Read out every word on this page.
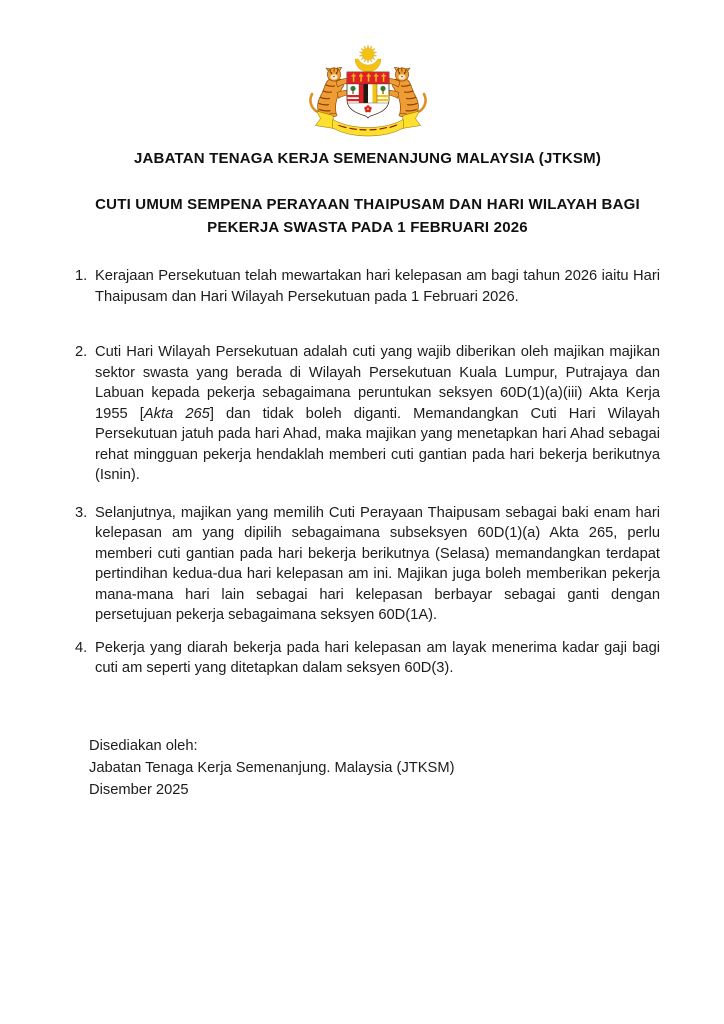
JABATAN TENAGA KERJA SEMENANJUNG MALAYSIA (JTKSM)
CUTI UMUM SEMPENA PERAYAAN THAIPUSAM DAN HARI WILAYAH BAGI
PEKERJA SWASTA PADA 1 FEBRUARI 2026
1. Kerajaan Persekutuan telah mewartakan hari kelepasan am bagi tahun 2026 iaitu Hari Thaipusam dan Hari Wilayah Persekutuan pada 1 Februari 2026.
2. Cuti Hari Wilayah Persekutuan adalah cuti yang wajib diberikan oleh majikan majikan sektor swasta yang berada di Wilayah Persekutuan Kuala Lumpur, Putrajaya dan Labuan kepada pekerja sebagaimana peruntukan seksyen 60D(1)(a)(iii) Akta Kerja 1955 [Akta 265] dan tidak boleh diganti. Memandangkan Cuti Hari Wilayah Persekutuan jatuh pada hari Ahad, maka majikan yang menetapkan hari Ahad sebagai rehat mingguan pekerja hendaklah memberi cuti gantian pada hari bekerja berikutnya (Isnin).
3. Selanjutnya, majikan yang memilih Cuti Perayaan Thaipusam sebagai baki enam hari kelepasan am yang dipilih sebagaimana subseksyen 60D(1)(a) Akta 265, perlu memberi cuti gantian pada hari bekerja berikutnya (Selasa) memandangkan terdapat pertindihan kedua-dua hari kelepasan am ini. Majikan juga boleh memberikan pekerja mana-mana hari lain sebagai hari kelepasan berbayar sebagai ganti dengan persetujuan pekerja sebagaimana seksyen 60D(1A).
4. Pekerja yang diarah bekerja pada hari kelepasan am layak menerima kadar gaji bagi cuti am seperti yang ditetapkan dalam seksyen 60D(3).
Disediakan oleh:
Jabatan Tenaga Kerja Semenanjung. Malaysia (JTKSM)
Disember 2025
